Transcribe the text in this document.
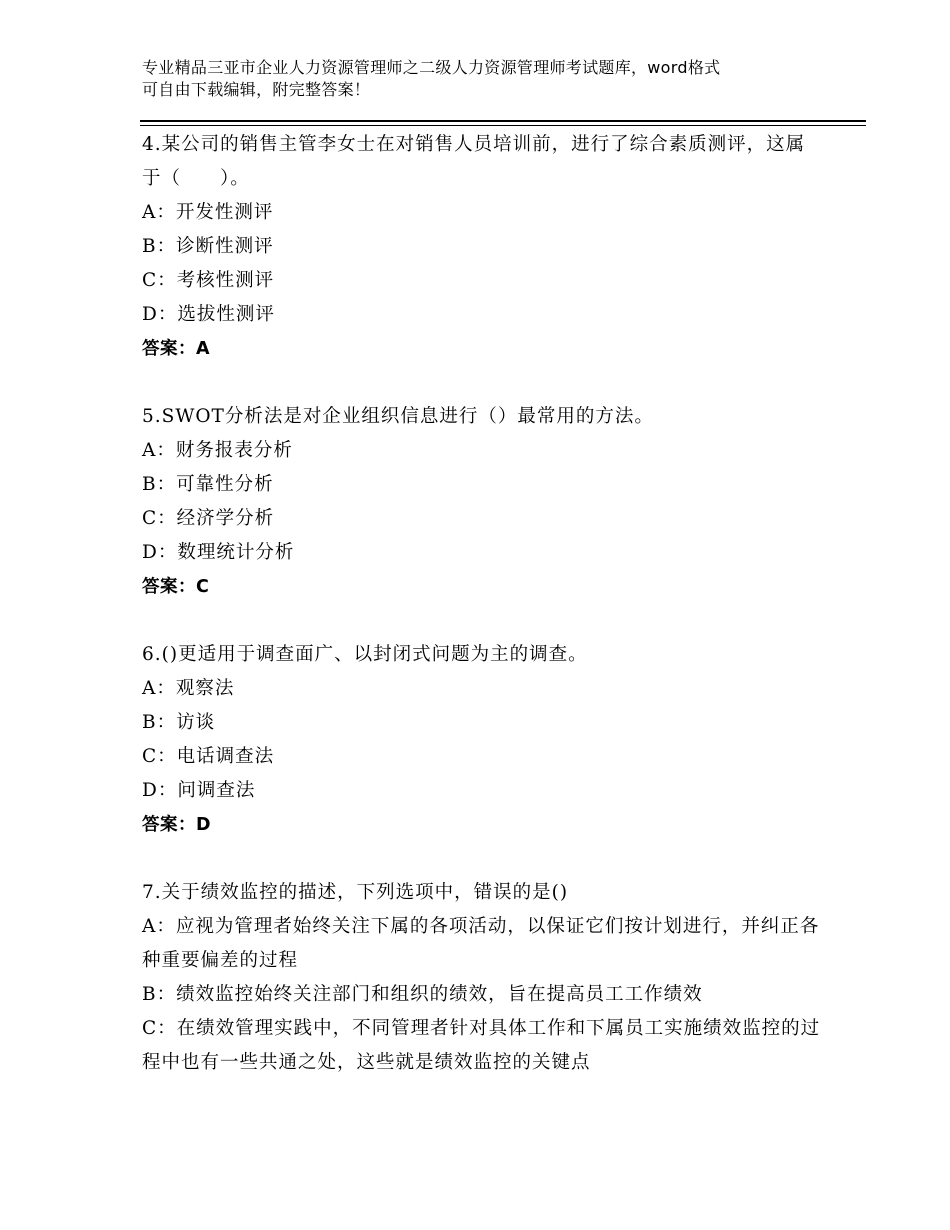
专业精品三亚市企业人力资源管理师之二级人力资源管理师考试题库，word格式
可自由下载编辑，附完整答案！
4.某公司的销售主管李女士在对销售人员培训前，进行了综合素质测评，这属于（　　）。
A：开发性测评
B：诊断性测评
C：考核性测评
D：选拔性测评
答案：A
5.SWOT分析法是对企业组织信息进行（）最常用的方法。
A：财务报表分析
B：可靠性分析
C：经济学分析
D：数理统计分析
答案：C
6.()更适用于调查面广、以封闭式问题为主的调查。
A：观察法
B：访谈
C：电话调查法
D：问调查法
答案：D
7.关于绩效监控的描述，下列选项中，错误的是()
A：应视为管理者始终关注下属的各项活动，以保证它们按计划进行，并纠正各种重要偏差的过程
B：绩效监控始终关注部门和组织的绩效，旨在提高员工工作绩效
C：在绩效管理实践中，不同管理者针对具体工作和下属员工实施绩效监控的过程中也有一些共通之处，这些就是绩效监控的关键点
